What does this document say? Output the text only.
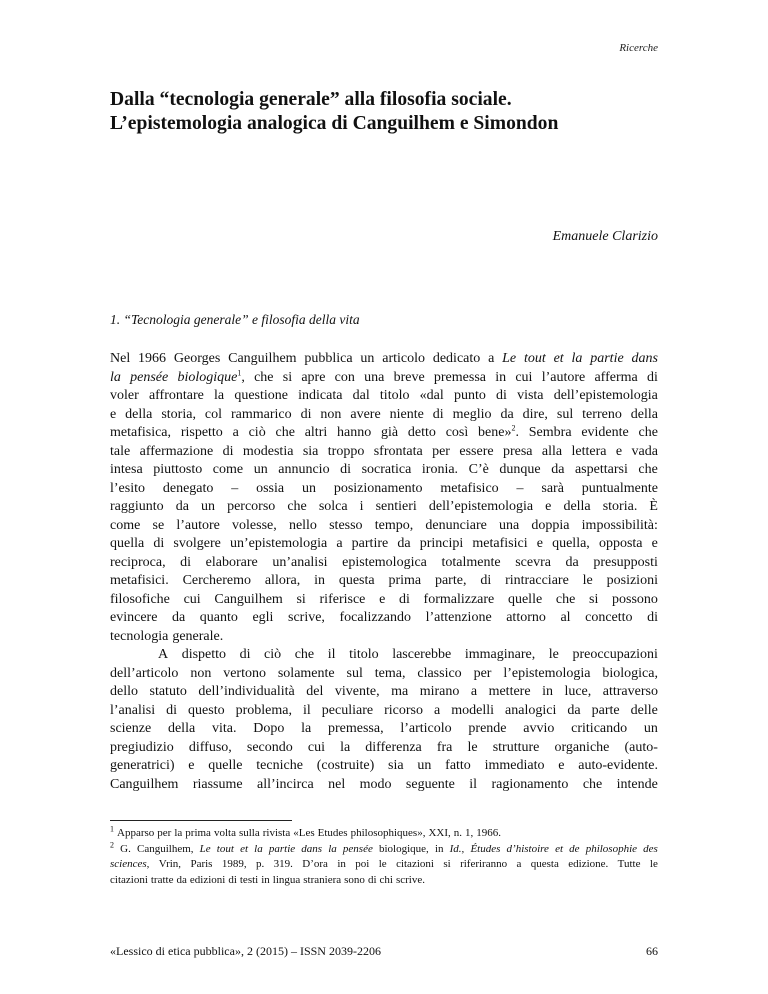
Ricerche
Dalla “tecnologia generale” alla filosofia sociale.
L’epistemologia analogica di Canguilhem e Simondon
Emanuele Clarizio
1. “Tecnologia generale” e filosofia della vita
Nel 1966 Georges Canguilhem pubblica un articolo dedicato a Le tout et la partie dans
la pensée biologique$^1$, che si apre con una breve premessa in cui l’autore afferma di
voler affrontare la questione indicata dal titolo «dal punto di vista dell’epistemologia
e della storia, col rammarico di non avere niente di meglio da dire, sul terreno della
metafisica, rispetto a ciò che altri hanno già detto così bene»$^2$. Sembra evidente che
tale affermazione di modestia sia troppo sfrontata per essere presa alla lettera e vada
intesa piuttosto come un annuncio di socratica ironia. C’è dunque da aspettarsi che
l’esito denegato – ossia un posizionamento metafisico – sarà puntualmente
raggiunto da un percorso che solca i sentieri dell’epistemologia e della storia. È
come se l’autore volesse, nello stesso tempo, denunciare una doppia impossibilità:
quella di svolgere un’epistemologia a partire da principi metafisici e quella, opposta e
reciproca, di elaborare un’analisi epistemologica totalmente scevra da presupposti
metafisici. Cercheremo allora, in questa prima parte, di rintracciare le posizioni
filosofiche cui Canguilhem si riferisce e di formalizzare quelle che si possono
evincere da quanto egli scrive, focalizzando l’attenzione attorno al concetto di
tecnologia generale.
A dispetto di ciò che il titolo lascerebbe immaginare, le preoccupazioni
dell’articolo non vertono solamente sul tema, classico per l’epistemologia biologica,
dello statuto dell’individualità del vivente, ma mirano a mettere in luce, attraverso
l’analisi di questo problema, il peculiare ricorso a modelli analogici da parte delle
scienze della vita. Dopo la premessa, l’articolo prende avvio criticando un
pregiudizio diffuso, secondo cui la differenza fra le strutture organiche (auto-
generatrici) e quelle tecniche (costruite) sia un fatto immediato e auto-evidente.
Canguilhem riassume all’incirca nel modo seguente il ragionamento che intende
$^1$ Apparso per la prima volta sulla rivista «Les Etudes philosophiques», XXI, n. 1, 1966.
$^2$ G. Canguilhem, Le tout et la partie dans la pensée biologique, in Id., Études d’histoire et de philosophie des
sciences, Vrin, Paris 1989, p. 319. D’ora in poi le citazioni si riferiranno a questa edizione. Tutte le
citazioni tratte da edizioni di testi in lingua straniera sono di chi scrive.
«Lessico di etica pubblica», 2 (2015) – ISSN 2039-2206	66
